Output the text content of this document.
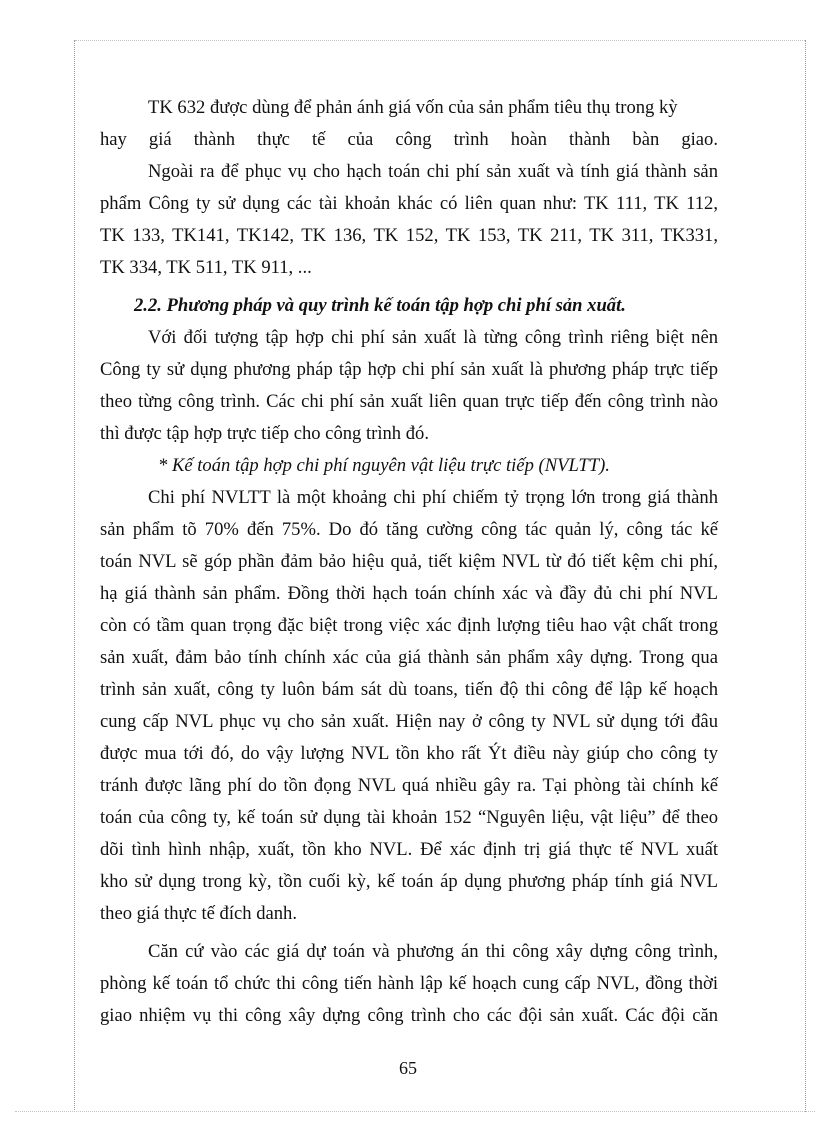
TK 632 được dùng để phản ánh giá vốn của sản phẩm tiêu thụ trong kỳ
hay giá thành thực tế của công trình hoàn thành bàn giao.
Ngoài ra để phục vụ cho hạch toán chi phí sản xuất và tính giá thành sản
phẩm Công ty sử dụng các tài khoản khác có liên quan như: TK 111, TK 112,
TK 133, TK141, TK142, TK 136, TK 152, TK 153, TK 211, TK 311, TK331,
TK 334, TK 511, TK 911, ...
2.2. Phương pháp và quy trình kế toán tập hợp chi phí sản xuất.
Với đối tượng tập hợp chi phí sản xuất là từng công trình riêng biệt nên
Công ty sử dụng phương pháp tập hợp chi phí sản xuất là phương pháp trực tiếp
theo từng công trình. Các chi phí sản xuất liên quan trực tiếp đến công trình nào
thì được tập hợp trực tiếp cho công trình đó.
* Kế toán tập hợp chi phí nguyên vật liệu trực tiếp (NVLTT).
Chi phí NVLTT là một khoảng chi phí chiếm tỷ trọng lớn trong giá thành
sản phẩm tõ 70% đến 75%. Do đó tăng cường công tác quản lý, công tác kế
toán NVL sẽ góp phần đảm bảo hiệu quả, tiết kiệm NVL từ đó tiết kệm chi phí,
hạ giá thành sản phẩm. Đồng thời hạch toán chính xác và đầy đủ chi phí NVL
còn có tầm quan trọng đặc biệt trong việc xác định lượng tiêu hao vật chất trong
sản xuất, đảm bảo tính chính xác của giá thành sản phẩm xây dựng. Trong qua
trình sản xuất, công ty luôn bám sát dù toans, tiến độ thi công để lập kế hoạch
cung cấp NVL phục vụ cho sản xuất. Hiện nay ở công ty NVL sử dụng tới đâu
được mua tới đó, do vậy lượng NVL tồn kho rất Ýt điều này giúp cho công ty
tránh được lãng phí do tồn đọng NVL quá nhiều gây ra. Tại phòng tài chính kế
toán của công ty, kế toán sử dụng tài khoản 152 “Nguyên liệu, vật liệu” để theo
dõi tình hình nhập, xuất, tồn kho NVL. Để xác định trị giá thực tế NVL xuất
kho sử dụng trong kỳ, tồn cuối kỳ, kế toán áp dụng phương pháp tính giá NVL
theo giá thực tế đích danh.
Căn cứ vào các giá dự toán và phương án thi công xây dựng công trình,
phòng kế toán tổ chức thi công tiến hành lập kế hoạch cung cấp NVL, đồng thời
giao nhiệm vụ thi công xây dựng công trình cho các đội sản xuất. Các đội căn
65
